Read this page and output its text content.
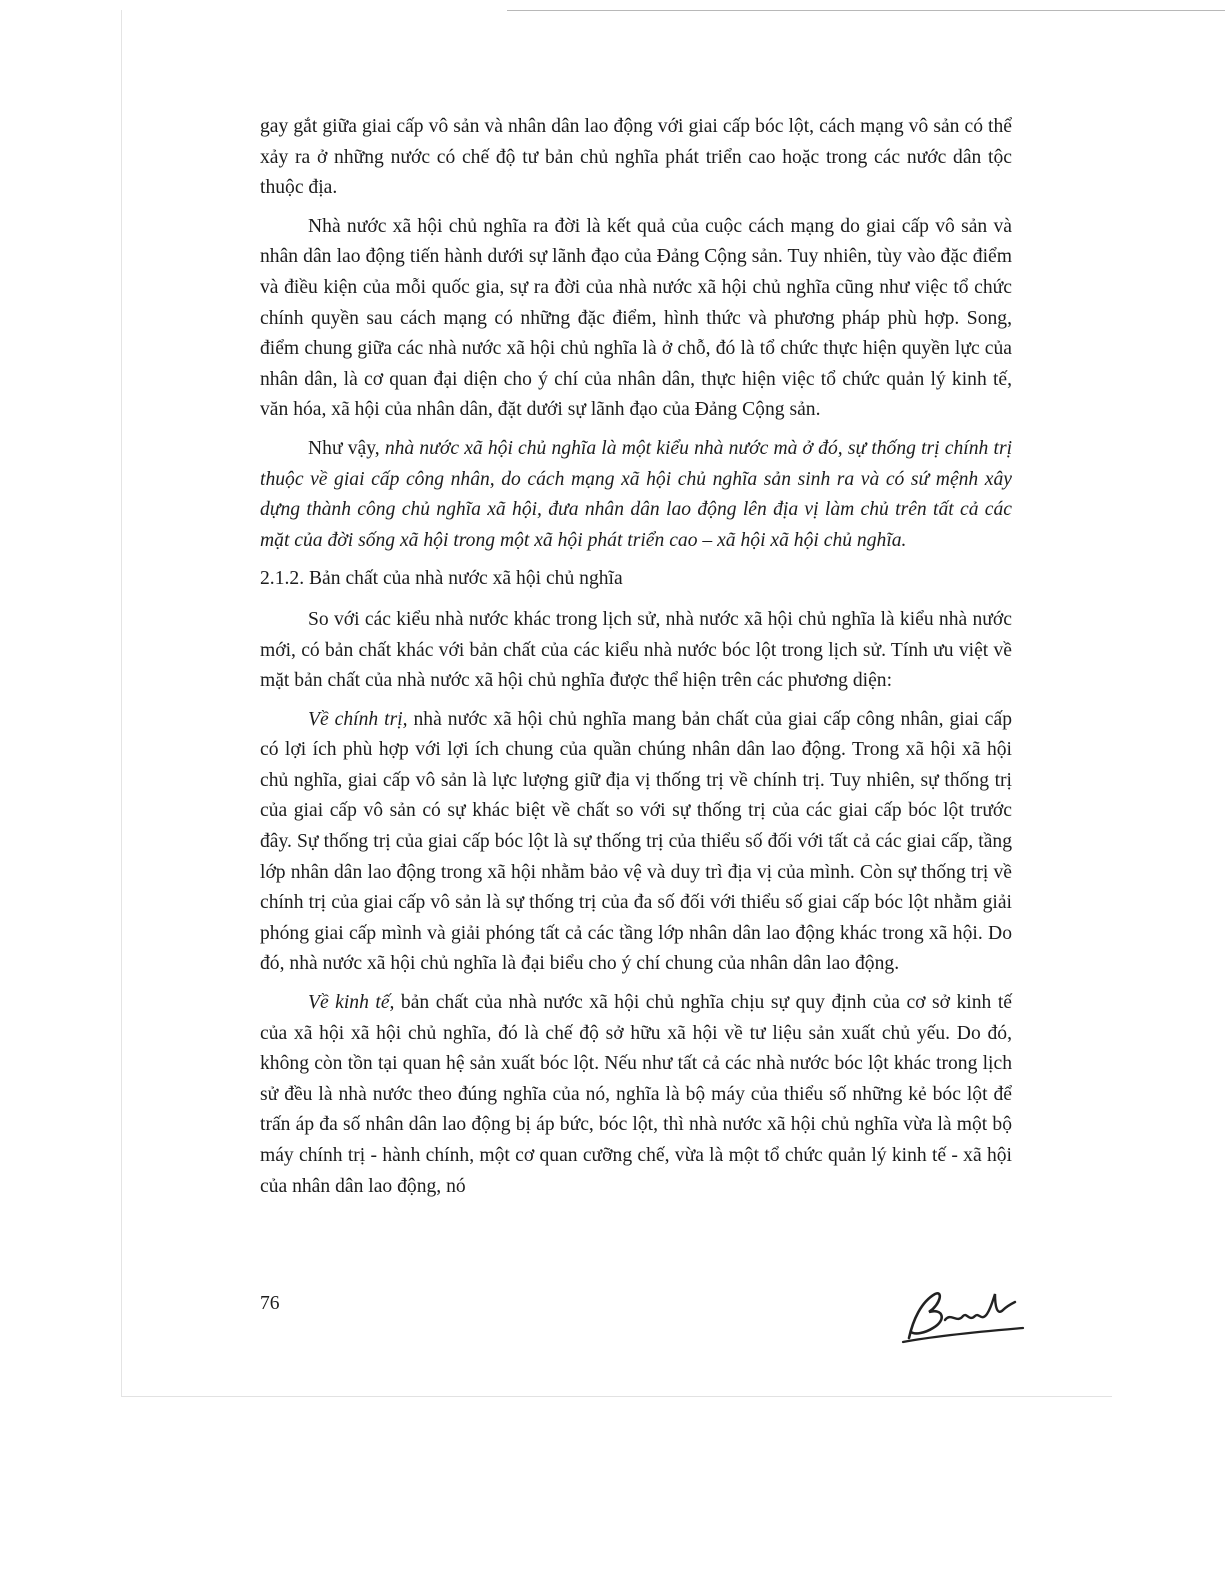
gay gắt giữa giai cấp vô sản và nhân dân lao động với giai cấp bóc lột, cách mạng vô sản có thể xảy ra ở những nước có chế độ tư bản chủ nghĩa phát triển cao hoặc trong các nước dân tộc thuộc địa.

Nhà nước xã hội chủ nghĩa ra đời là kết quả của cuộc cách mạng do giai cấp vô sản và nhân dân lao động tiến hành dưới sự lãnh đạo của Đảng Cộng sản. Tuy nhiên, tùy vào đặc điểm và điều kiện của mỗi quốc gia, sự ra đời của nhà nước xã hội chủ nghĩa cũng như việc tổ chức chính quyền sau cách mạng có những đặc điểm, hình thức và phương pháp phù hợp. Song, điểm chung giữa các nhà nước xã hội chủ nghĩa là ở chỗ, đó là tổ chức thực hiện quyền lực của nhân dân, là cơ quan đại diện cho ý chí của nhân dân, thực hiện việc tổ chức quản lý kinh tế, văn hóa, xã hội của nhân dân, đặt dưới sự lãnh đạo của Đảng Cộng sản.

Như vậy, nhà nước xã hội chủ nghĩa là một kiểu nhà nước mà ở đó, sự thống trị chính trị thuộc về giai cấp công nhân, do cách mạng xã hội chủ nghĩa sản sinh ra và có sứ mệnh xây dựng thành công chủ nghĩa xã hội, đưa nhân dân lao động lên địa vị làm chủ trên tất cả các mặt của đời sống xã hội trong một xã hội phát triển cao – xã hội xã hội chủ nghĩa.

2.1.2. Bản chất của nhà nước xã hội chủ nghĩa

So với các kiểu nhà nước khác trong lịch sử, nhà nước xã hội chủ nghĩa là kiểu nhà nước mới, có bản chất khác với bản chất của các kiểu nhà nước bóc lột trong lịch sử. Tính ưu việt về mặt bản chất của nhà nước xã hội chủ nghĩa được thể hiện trên các phương diện:

Về chính trị, nhà nước xã hội chủ nghĩa mang bản chất của giai cấp công nhân, giai cấp có lợi ích phù hợp với lợi ích chung của quần chúng nhân dân lao động. Trong xã hội xã hội chủ nghĩa, giai cấp vô sản là lực lượng giữ địa vị thống trị về chính trị. Tuy nhiên, sự thống trị của giai cấp vô sản có sự khác biệt về chất so với sự thống trị của các giai cấp bóc lột trước đây. Sự thống trị của giai cấp bóc lột là sự thống trị của thiểu số đối với tất cả các giai cấp, tầng lớp nhân dân lao động trong xã hội nhằm bảo vệ và duy trì địa vị của mình. Còn sự thống trị về chính trị của giai cấp vô sản là sự thống trị của đa số đối với thiểu số giai cấp bóc lột nhằm giải phóng giai cấp mình và giải phóng tất cả các tầng lớp nhân dân lao động khác trong xã hội. Do đó, nhà nước xã hội chủ nghĩa là đại biểu cho ý chí chung của nhân dân lao động.

Về kinh tế, bản chất của nhà nước xã hội chủ nghĩa chịu sự quy định của cơ sở kinh tế của xã hội xã hội chủ nghĩa, đó là chế độ sở hữu xã hội về tư liệu sản xuất chủ yếu. Do đó, không còn tồn tại quan hệ sản xuất bóc lột. Nếu như tất cả các nhà nước bóc lột khác trong lịch sử đều là nhà nước theo đúng nghĩa của nó, nghĩa là bộ máy của thiểu số những kẻ bóc lột để trấn áp đa số nhân dân lao động bị áp bức, bóc lột, thì nhà nước xã hội chủ nghĩa vừa là một bộ máy chính trị - hành chính, một cơ quan cưỡng chế, vừa là một tổ chức quản lý kinh tế - xã hội của nhân dân lao động, nó

76
